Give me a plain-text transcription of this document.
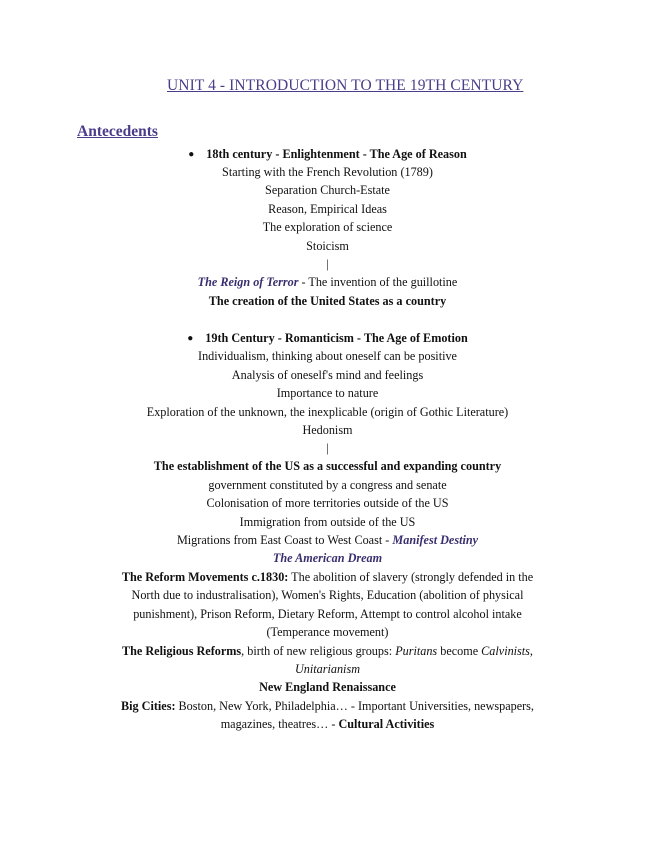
UNIT 4 - INTRODUCTION TO THE 19TH CENTURY
Antecedents
● 18th century - Enlightenment - The Age of Reason
Starting with the French Revolution (1789)
Separation Church-Estate
Reason, Empirical Ideas
The exploration of science
Stoicism
|
The Reign of Terror - The invention of the guillotine
The creation of the United States as a country
● 19th Century - Romanticism - The Age of Emotion
Individualism, thinking about oneself can be positive
Analysis of oneself's mind and feelings
Importance to nature
Exploration of the unknown, the inexplicable (origin of Gothic Literature)
Hedonism
|
The establishment of the US as a successful and expanding country
government constituted by a congress and senate
Colonisation of more territories outside of the US
Immigration from outside of the US
Migrations from East Coast to West Coast - Manifest Destiny
The American Dream
The Reform Movements c.1830: The abolition of slavery (strongly defended in the
North due to industralisation), Women's Rights, Education (abolition of physical
punishment), Prison Reform, Dietary Reform, Attempt to control alcohol intake
(Temperance movement)
The Religious Reforms, birth of new religious groups: Puritans become Calvinists,
Unitarianism
New England Renaissance
Big Cities: Boston, New York, Philadelphia… - Important Universities, newspapers,
magazines, theatres… - Cultural Activities
